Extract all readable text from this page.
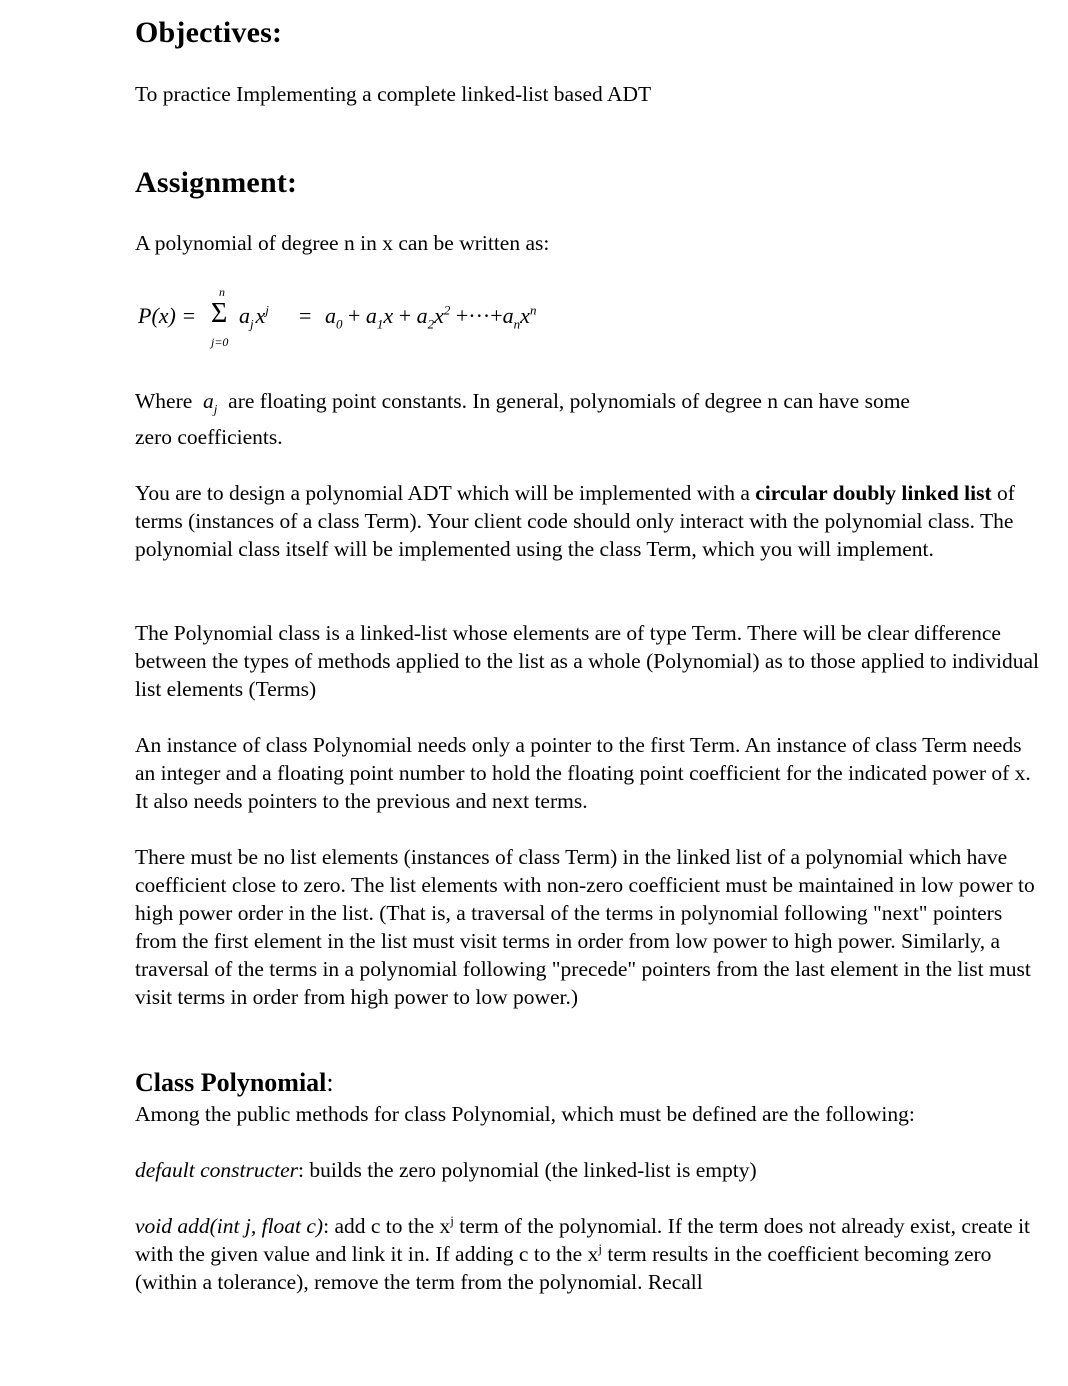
Objectives:

To practice Implementing a complete linked-list based ADT

Assignment:

A polynomial of degree n in x can be written as:

P(x) =
n
Σ
j=0
$a_j$ $x^j = a_0 + a_1x + a_2x^2 +\cdot\cdot\cdot+a_nx^n$

Where $a_j$ are floating point constants. In general, polynomials of degree n can have some

zero coefficients.

You are to design a polynomial ADT which will be implemented with a circular doubly linked list of terms (instances of a class Term). Your client code should only interact with the polynomial class. The polynomial class itself will be implemented using the class Term, which you will implement.

The Polynomial class is a linked-list whose elements are of type Term. There will be clear difference between the types of methods applied to the list as a whole (Polynomial) as to those applied to individual list elements (Terms)

An instance of class Polynomial needs only a pointer to the first Term. An instance of class Term needs an integer and a floating point number to hold the floating point coefficient for the indicated power of x. It also needs pointers to the previous and next terms.

There must be no list elements (instances of class Term) in the linked list of a polynomial which have coefficient close to zero. The list elements with non-zero coefficient must be maintained in low power to high power order in the list. (That is, a traversal of the terms in polynomial following "next" pointers from the first element in the list must visit terms in order from low power to high power. Similarly, a traversal of the terms in a polynomial following "precede" pointers from the last element in the list must visit terms in order from high power to low power.)

Class Polynomial:

Among the public methods for class Polynomial, which must be defined are the following:

default constructer: builds the zero polynomial (the linked-list is empty)

void add(int j, float c): add c to the $x^j$ term of the polynomial. If the term does not already exist, create it with the given value and link it in. If adding c to the $x^j$ term results in the coefficient becoming zero (within a tolerance), remove the term from the polynomial. Recall
